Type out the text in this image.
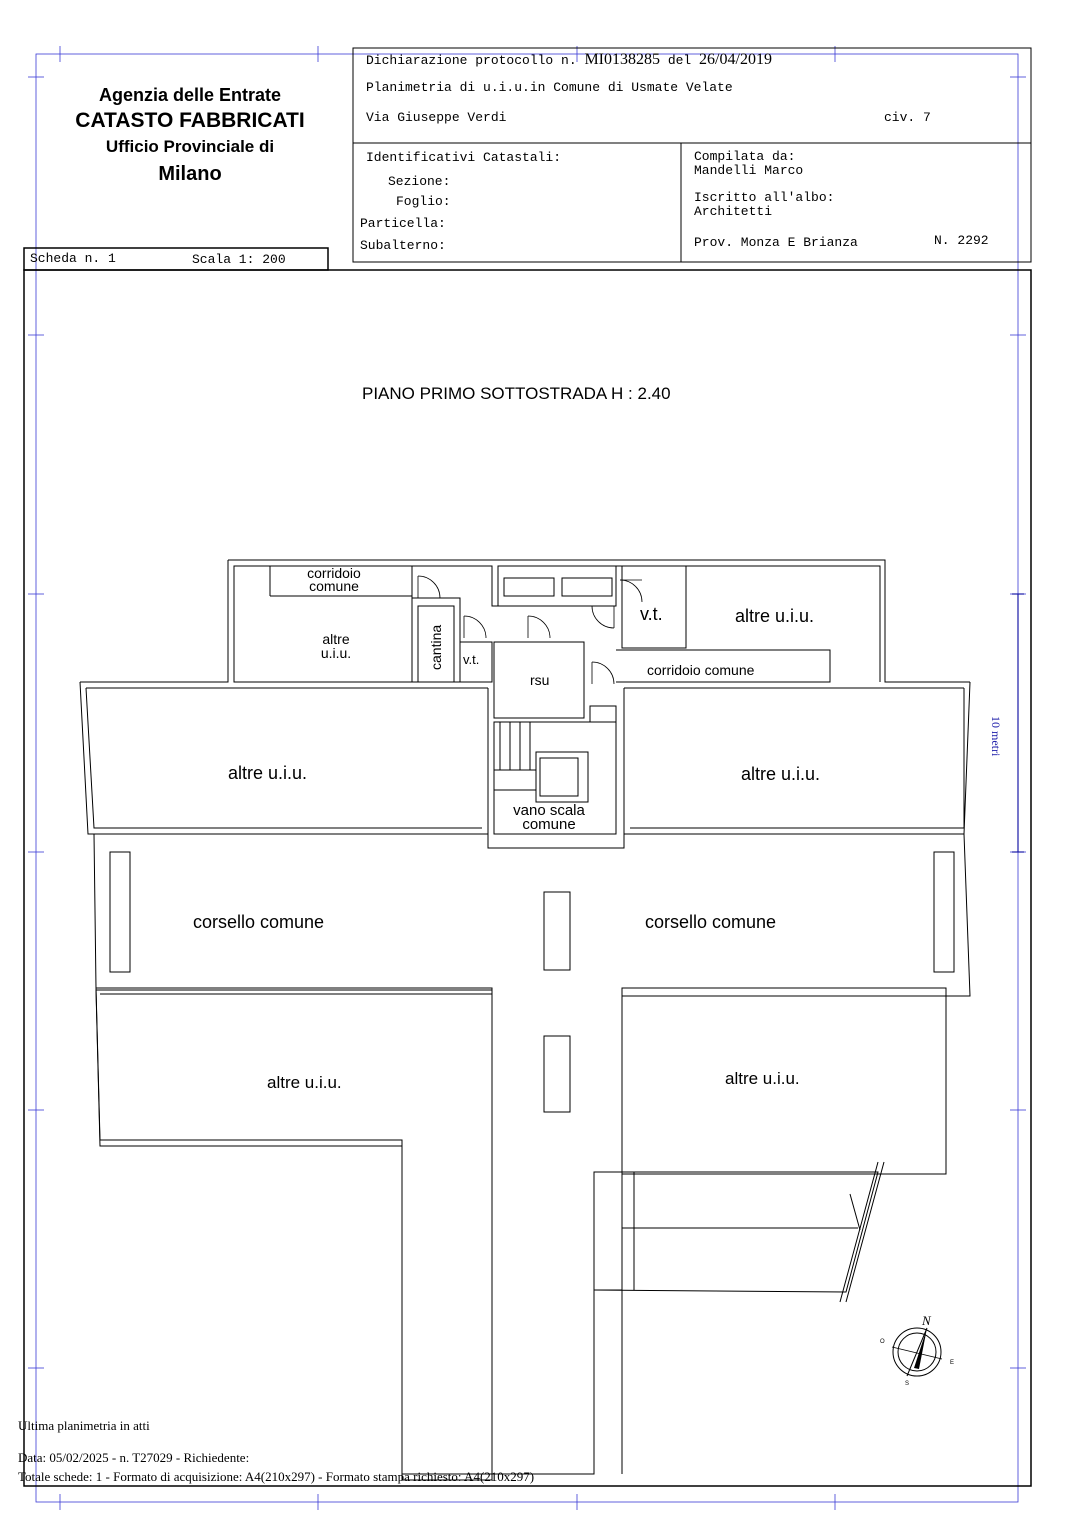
Agenzia delle Entrate
CATASTO FABBRICATI
Ufficio Provinciale di
Milano
Dichiarazione protocollo n. MI0138285 del 26/04/2019
Planimetria di u.i.u.in Comune di Usmate Velate
Via Giuseppe Verdi	civ. 7
Identificativi Catastali:
Sezione:
Foglio:
Particella:
Subalterno:
Compilata da:
Mandelli Marco
Iscritto all'albo:
Architetti
Prov. Monza E Brianza	N. 2292
Scheda n. 1	Scala 1: 200
PIANO PRIMO SOTTOSTRADA H : 2.40
10 metri
corridoio
comune
cantina
altre
u.i.u.	v.t.
v.t.
rsu
altre u.i.u.
corridoio comune
altre u.i.u.	altre u.i.u.
vano scala
comune
corsello comune	corsello comune
altre u.i.u.	altre u.i.u.
N
O
E
S
Ultima planimetria in atti
Data: 05/02/2025 - n. T27029 - Richiedente:
Totale schede: 1 - Formato di acquisizione: A4(210x297) - Formato stampa richiesto: A4(210x297)
